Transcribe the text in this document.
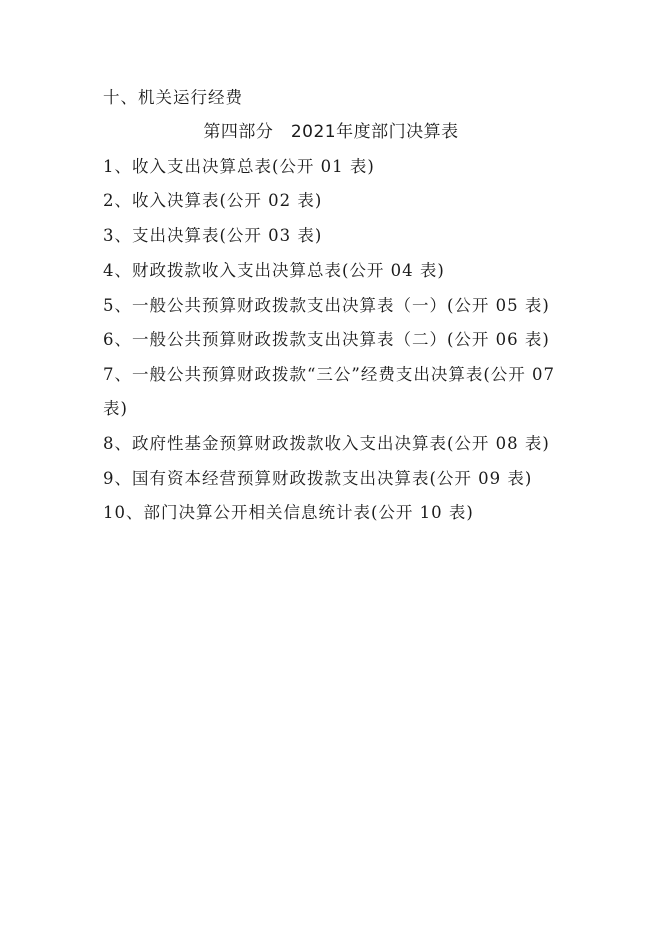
十、机关运行经费
第四部分　2021年度部门决算表
1、收入支出决算总表(公开 01 表)
2、收入决算表(公开 02 表)
3、支出决算表(公开 03 表)
4、财政拨款收入支出决算总表(公开 04 表)
5、一般公共预算财政拨款支出决算表（一）(公开 05 表)
6、一般公共预算财政拨款支出决算表（二）(公开 06 表)
7、一般公共预算财政拨款“三公”经费支出决算表(公开 07
表)
8、政府性基金预算财政拨款收入支出决算表(公开 08 表)
9、国有资本经营预算财政拨款支出决算表(公开 09 表)
10、部门决算公开相关信息统计表(公开 10 表)
